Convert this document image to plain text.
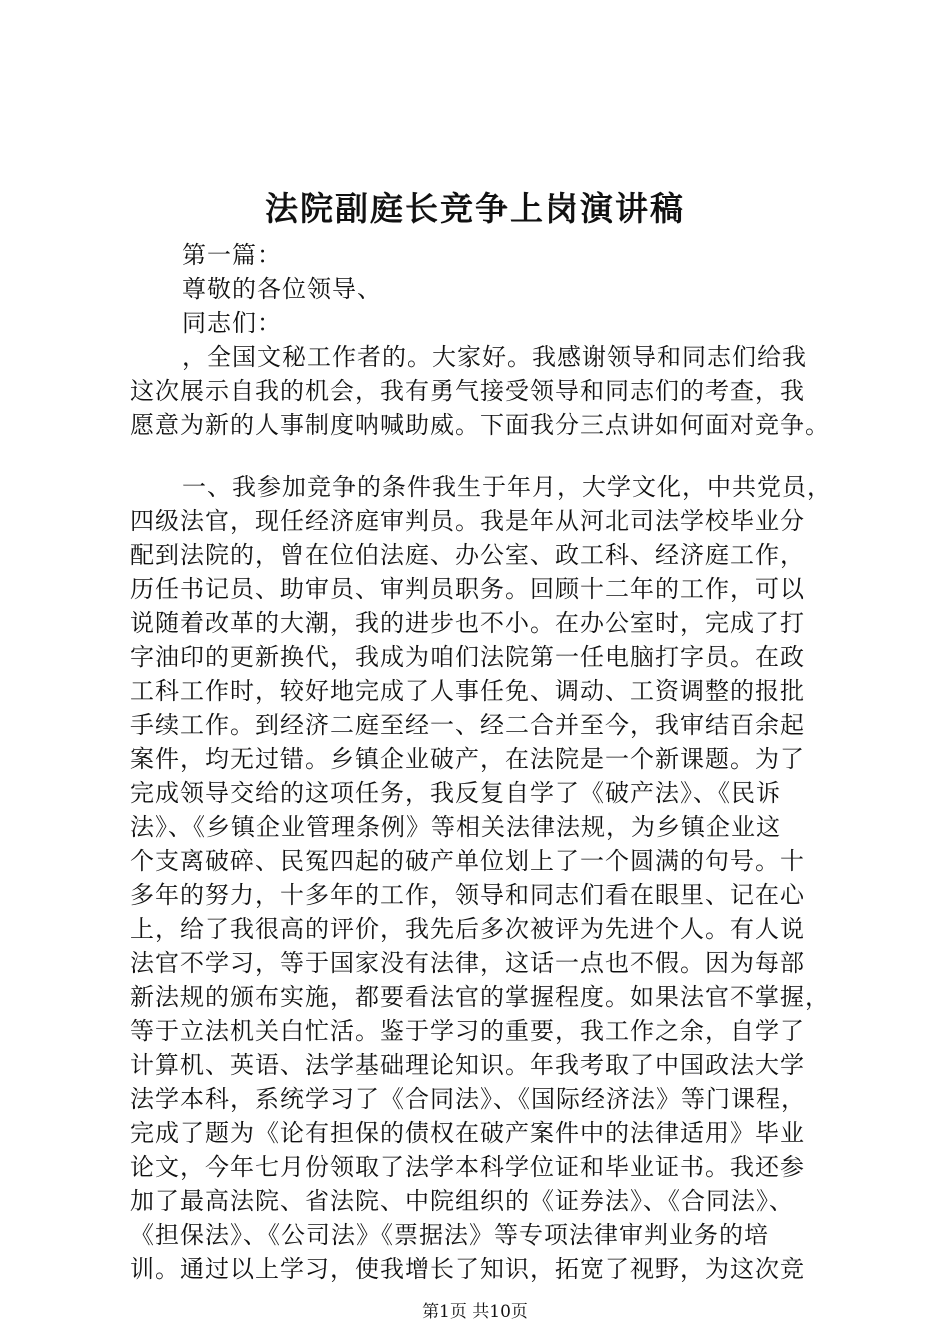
法院副庭长竞争上岗演讲稿
第一篇：
尊敬的各位领导、
同志们：
，全国文秘工作者的。大家好。我感谢领导和同志们给我
这次展示自我的机会，我有勇气接受领导和同志们的考查，我
愿意为新的人事制度呐喊助威。下面我分三点讲如何面对竞争。
一、我参加竞争的条件我生于年月，大学文化，中共党员，
四级法官，现任经济庭审判员。我是年从河北司法学校毕业分
配到法院的，曾在位伯法庭、办公室、政工科、经济庭工作，
历任书记员、助审员、审判员职务。回顾十二年的工作，可以
说随着改革的大潮，我的进步也不小。在办公室时，完成了打
字油印的更新换代，我成为咱们法院第一任电脑打字员。在政
工科工作时，较好地完成了人事任免、调动、工资调整的报批
手续工作。到经济二庭至经一、经二合并至今，我审结百余起
案件，均无过错。乡镇企业破产，在法院是一个新课题。为了
完成领导交给的这项任务，我反复自学了《破产法》、《民诉
法》、《乡镇企业管理条例》等相关法律法规，为乡镇企业这
个支离破碎、民冤四起的破产单位划上了一个圆满的句号。十
多年的努力，十多年的工作，领导和同志们看在眼里、记在心
上，给了我很高的评价，我先后多次被评为先进个人。有人说
法官不学习，等于国家没有法律，这话一点也不假。因为每部
新法规的颁布实施，都要看法官的掌握程度。如果法官不掌握，
等于立法机关白忙活。鉴于学习的重要，我工作之余，自学了
计算机、英语、法学基础理论知识。年我考取了中国政法大学
法学本科，系统学习了《合同法》、《国际经济法》等门课程，
完成了题为《论有担保的债权在破产案件中的法律适用》毕业
论文，今年七月份领取了法学本科学位证和毕业证书。我还参
加了最高法院、省法院、中院组织的《证券法》、《合同法》、
《担保法》、《公司法》《票据法》等专项法律审判业务的培
训。通过以上学习，使我增长了知识，拓宽了视野，为这次竞
第1页 共10页
